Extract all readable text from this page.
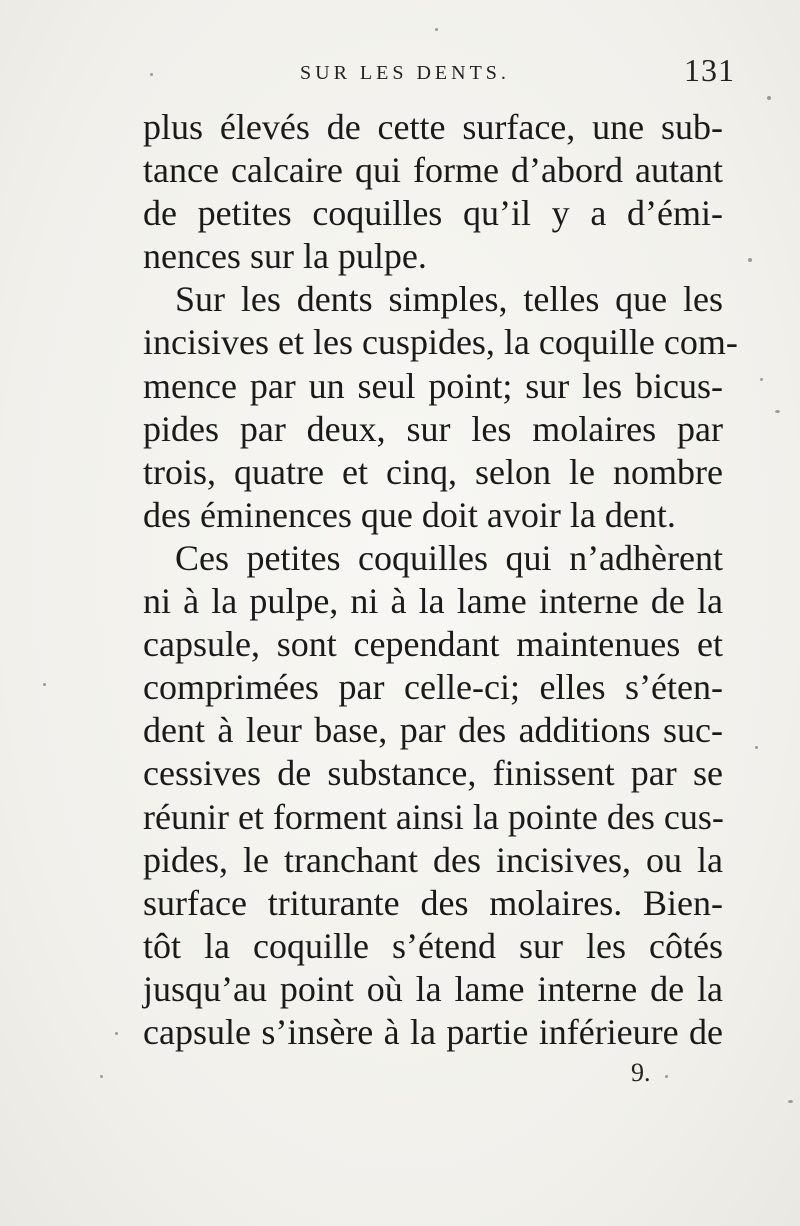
SUR LES DENTS.	131
plus élevés de cette surface, une sub-
tance calcaire qui forme d’abord autant
de petites coquilles qu’il y a d’émi-
nences sur la pulpe.
Sur les dents simples, telles que les
incisives et les cuspides, la coquille com-
mence par un seul point; sur les bicus-
pides par deux, sur les molaires par
trois, quatre et cinq, selon le nombre
des éminences que doit avoir la dent.
Ces petites coquilles qui n’adhèrent
ni à la pulpe, ni à la lame interne de la
capsule, sont cependant maintenues et
comprimées par celle-ci; elles s’éten-
dent à leur base, par des additions suc-
cessives de substance, finissent par se
réunir et forment ainsi la pointe des cus-
pides, le tranchant des incisives, ou la
surface triturante des molaires. Bien-
tôt la coquille s’étend sur les côtés
jusqu’au point où la lame interne de la
capsule s’insère à la partie inférieure de
9.
